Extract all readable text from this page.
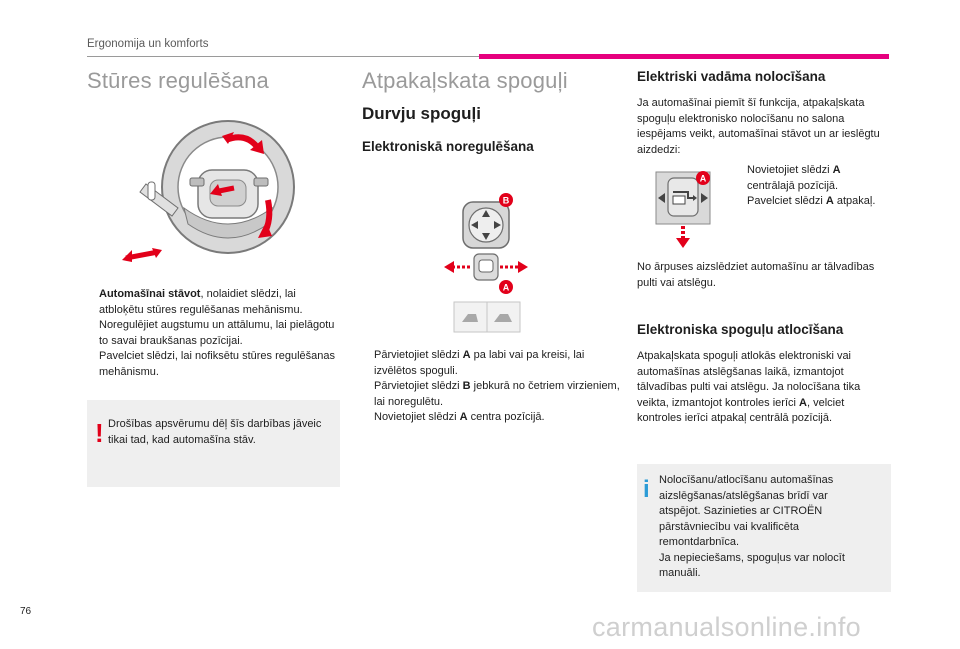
Ergonomija un komforts
Stūres regulēšana
Automašīnai stāvot, nolaidiet slēdzi, lai atbloķētu stūres regulēšanas mehānismu.
Noregulējiet augstumu un attālumu, lai pielāgotu to savai braukšanas pozīcijai.
Pavelciet slēdzi, lai nofiksētu stūres regulēšanas mehānismu.
! Drošības apsvērumu dēļ šīs darbības jāveic tikai tad, kad automašīna stāv.
Atpakaļskata spoguļi
Durvju spoguļi
Elektroniskā noregulēšana
B
A
Pārvietojiet slēdzi A pa labi vai pa kreisi, lai izvēlētos spoguli.
Pārvietojiet slēdzi B jebkurā no četriem virzieniem, lai noregulētu.
Novietojiet slēdzi A centra pozīcijā.
Elektriski vadāma nolocīšana
Ja automašīnai piemīt šī funkcija, atpakaļskata spoguļu elektronisko nolocīšanu no salona iespējams veikt, automašīnai stāvot un ar ieslēgtu aizdedzi:
A
Novietojiet slēdzi A centrālajā pozīcijā.
Pavelciet slēdzi A atpakaļ.
No ārpuses aizslēdziet automašīnu ar tālvadības pulti vai atslēgu.
Elektroniska spoguļu atlocīšana
Atpakaļskata spoguļi atlokās elektroniski vai automašīnas atslēgšanas laikā, izmantojot tālvadības pulti vai atslēgu. Ja nolocīšana tika veikta, izmantojot kontroles ierīci A, velciet kontroles ierīci atpakaļ centrālā pozīcijā.
i Nolocīšanu/atlocīšanu automašīnas
aizslēgšanas/atslēgšanas brīdī var
atspējot. Sazinieties ar CITROËN
pārstāvniecību vai kvalificēta
remontdarbnīca.
Ja nepieciešams, spoguļus var nolocīt
manuāli.
76
carmanualsonline.info
